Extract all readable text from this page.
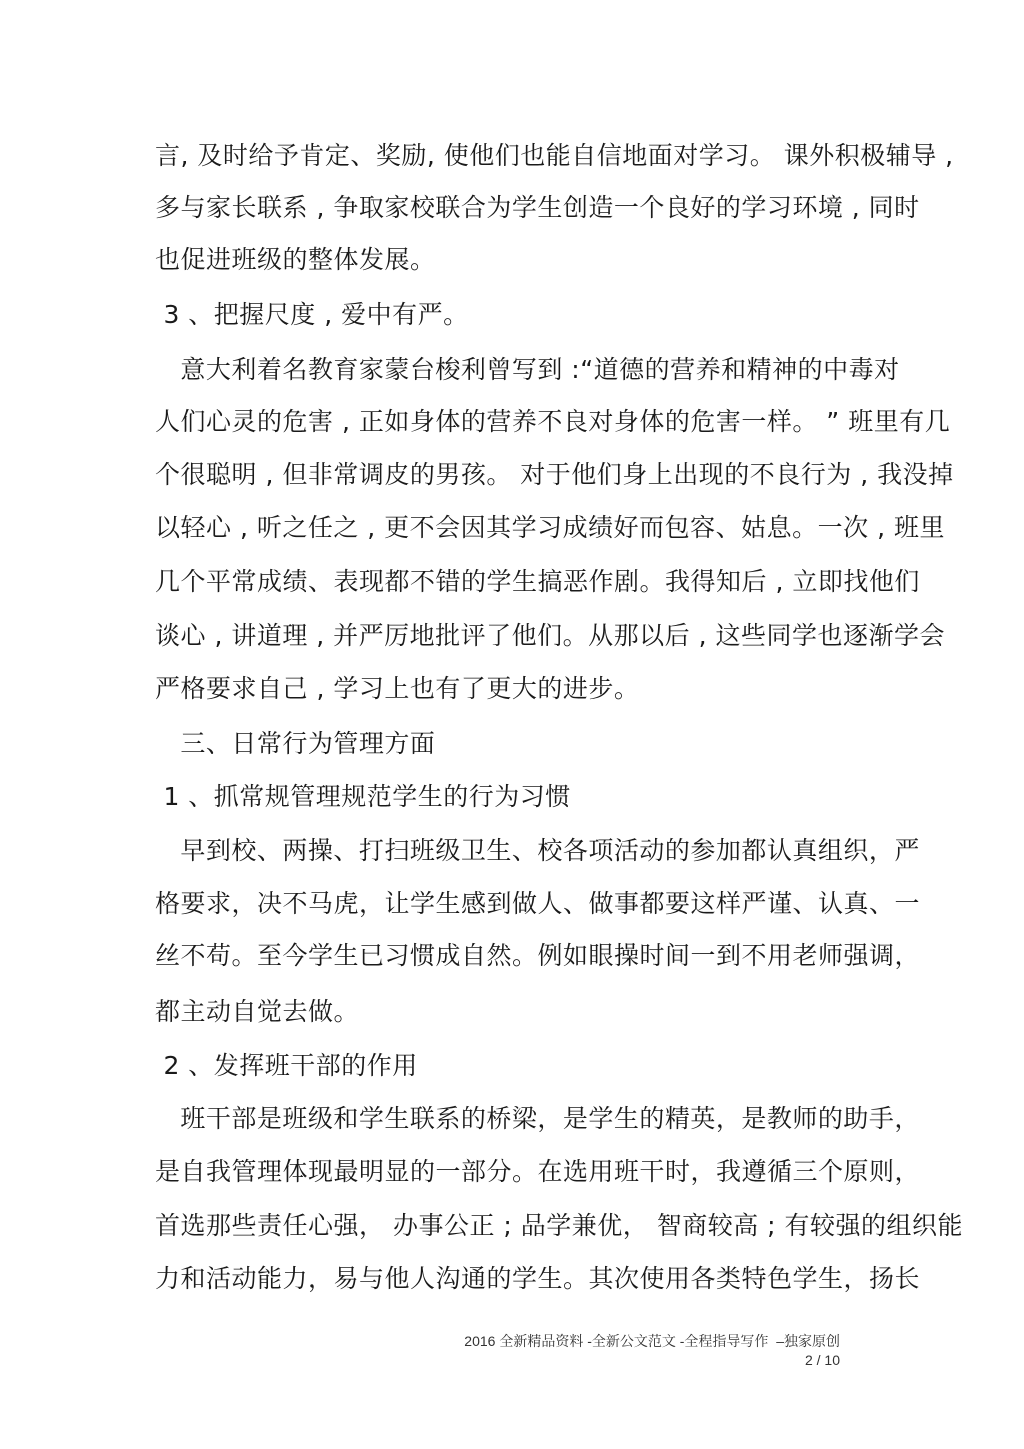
言, 及时给予肯定、奖励, 使他们也能自信地面对学习。 课外积极辅导 ,
多与家长联系 , 争取家校联合为学生创造一个良好的学习环境 , 同时
也促进班级的整体发展。
3 、把握尺度 , 爱中有严。
意大利着名教育家蒙台梭利曾写到 :“道德的营养和精神的中毒对
人们心灵的危害 , 正如身体的营养不良对身体的危害一样。 ” 班里有几
个很聪明 , 但非常调皮的男孩。 对于他们身上出现的不良行为 , 我没掉
以轻心 , 听之任之 , 更不会因其学习成绩好而包容、姑息。一次 , 班里
几个平常成绩、表现都不错的学生搞恶作剧。我得知后 , 立即找他们
谈心 , 讲道理 , 并严厉地批评了他们。从那以后 , 这些同学也逐渐学会
严格要求自己 , 学习上也有了更大的进步。
三、日常行为管理方面
1 、抓常规管理规范学生的行为习惯
早到校、两操、打扫班级卫生、校各项活动的参加都认真组织，严
格要求，决不马虎，让学生感到做人、做事都要这样严谨、认真、一
丝不苟。至今学生已习惯成自然。例如眼操时间一到不用老师强调，
都主动自觉去做。
2 、发挥班干部的作用
班干部是班级和学生联系的桥梁，是学生的精英，是教师的助手，
是自我管理体现最明显的一部分。在选用班干时，我遵循三个原则，
首选那些责任心强， 办事公正 ; 品学兼优， 智商较高 ; 有较强的组织能
力和活动能力，易与他人沟通的学生。其次使用各类特色学生，扬长
2016 全新精品资料 -全新公文范文 -全程指导写作  –独家原创
2 / 10
